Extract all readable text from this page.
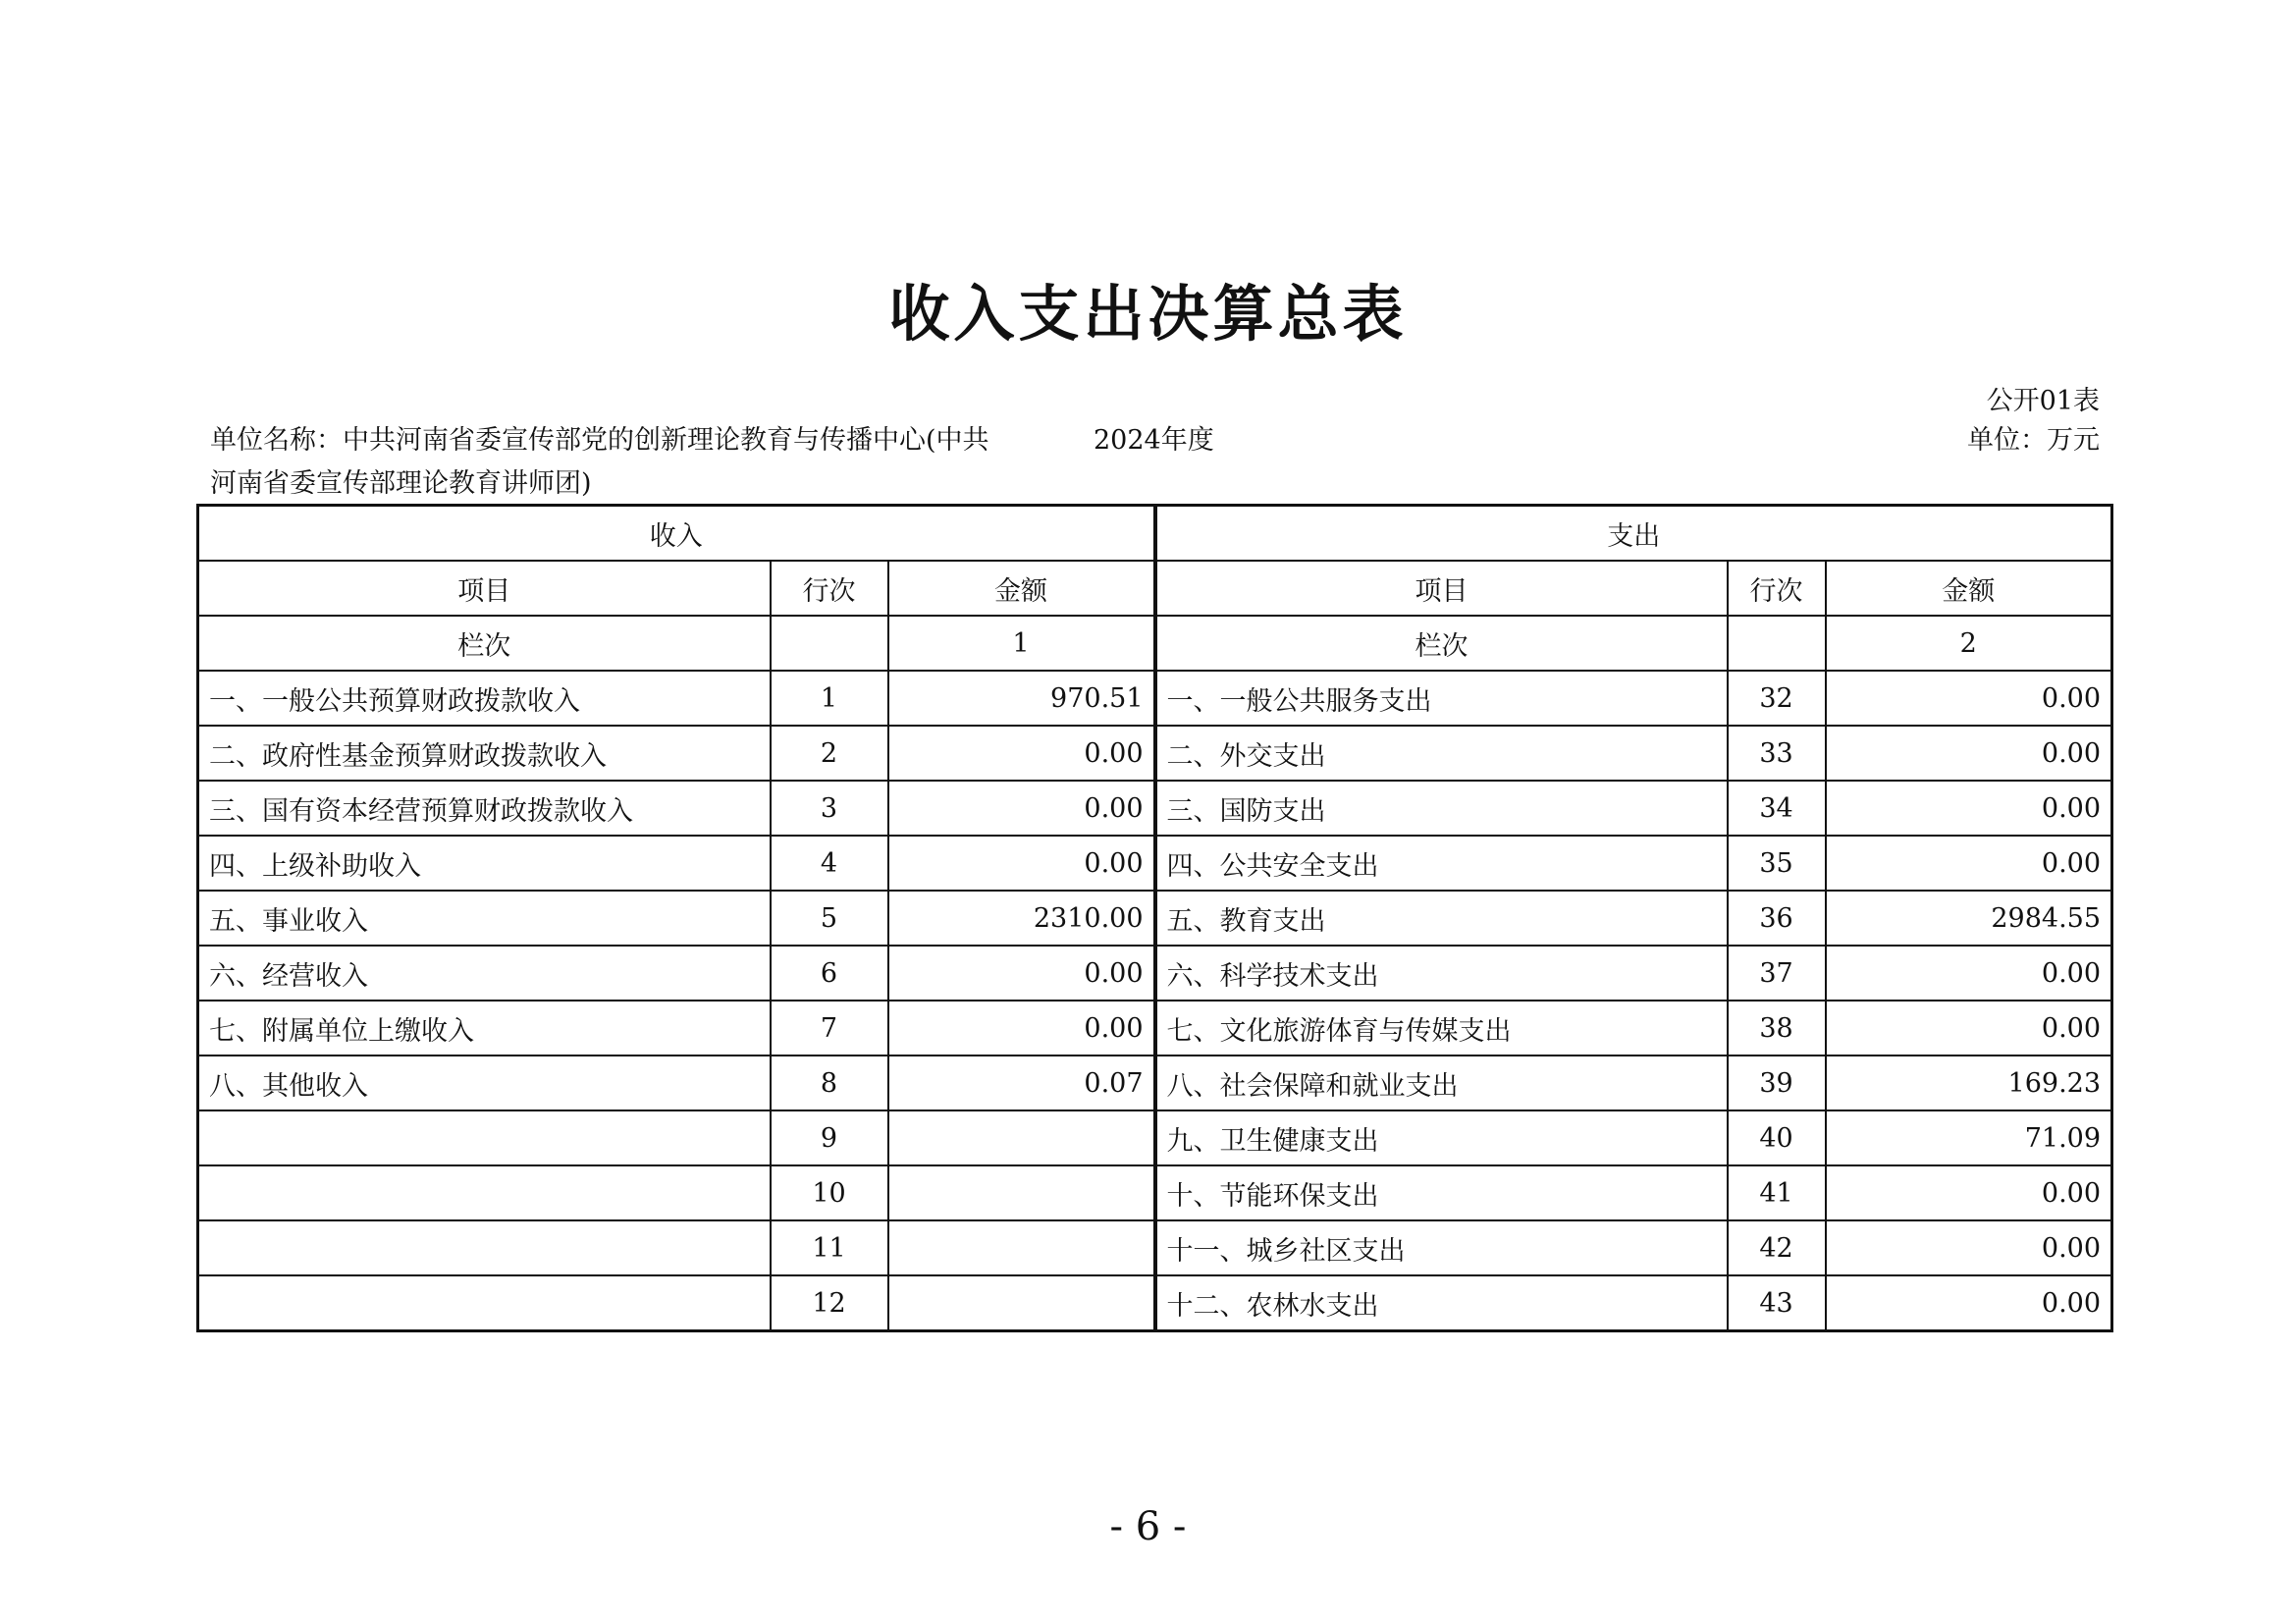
收入支出决算总表
公开01表
单位名称：中共河南省委宣传部党的创新理论教育与传播中心(中共
河南省委宣传部理论教育讲师团)
2024年度	单位：万元
收入			支出		
项目	行次	金额	项目	行次	金额
栏次		1	栏次		2
一、一般公共预算财政拨款收入	1	970.51	一、一般公共服务支出	32	0.00
二、政府性基金预算财政拨款收入	2	0.00	二、外交支出	33	0.00
三、国有资本经营预算财政拨款收入	3	0.00	三、国防支出	34	0.00
四、上级补助收入	4	0.00	四、公共安全支出	35	0.00
五、事业收入	5	2310.00	五、教育支出	36	2984.55
六、经营收入	6	0.00	六、科学技术支出	37	0.00
七、附属单位上缴收入	7	0.00	七、文化旅游体育与传媒支出	38	0.00
八、其他收入	8	0.07	八、社会保障和就业支出	39	169.23
	9		九、卫生健康支出	40	71.09
	10		十、节能环保支出	41	0.00
	11		十一、城乡社区支出	42	0.00
	12		十二、农林水支出	43	0.00
- 6 -
